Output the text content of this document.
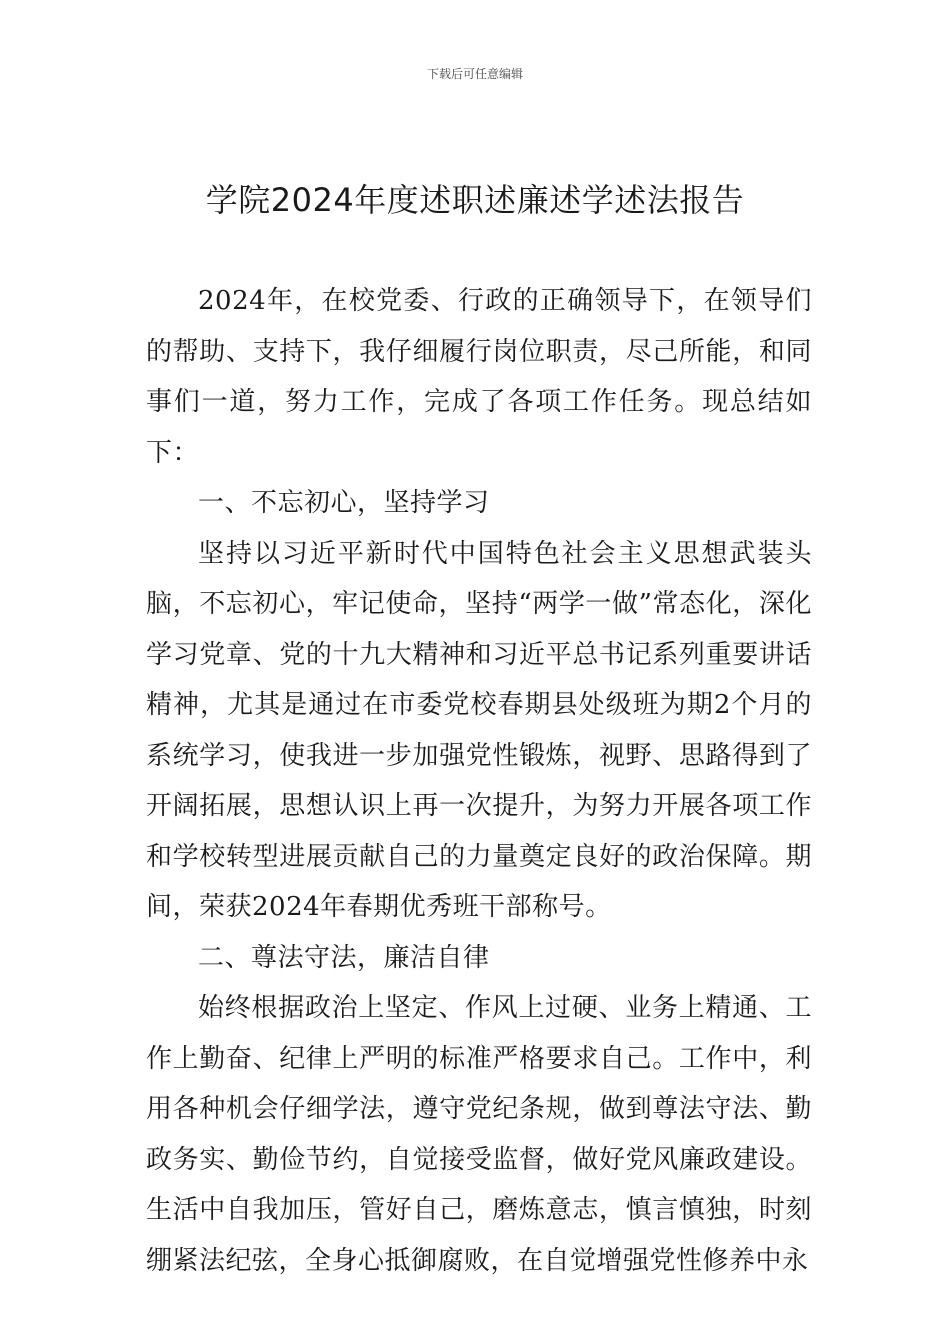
下载后可任意编辑
学院2024年度述职述廉述学述法报告

2024年，在校党委、行政的正确领导下，在领导们的帮助、支持下，我仔细履行岗位职责，尽己所能，和同事们一道，努力工作，完成了各项工作任务。现总结如下：

一、不忘初心，坚持学习

坚持以习近平新时代中国特色社会主义思想武装头脑，不忘初心，牢记使命，坚持“两学一做”常态化，深化学习党章、党的十九大精神和习近平总书记系列重要讲话精神，尤其是通过在市委党校春期县处级班为期2个月的系统学习，使我进一步加强党性锻炼，视野、思路得到了开阔拓展，思想认识上再一次提升，为努力开展各项工作和学校转型进展贡献自己的力量奠定良好的政治保障。期间，荣获2024年春期优秀班干部称号。

二、尊法守法，廉洁自律

始终根据政治上坚定、作风上过硬、业务上精通、工作上勤奋、纪律上严明的标准严格要求自己。工作中，利用各种机会仔细学法，遵守党纪条规，做到尊法守法、勤政务实、勤俭节约，自觉接受监督，做好党风廉政建设。生活中自我加压，管好自己，磨炼意志，慎言慎独，时刻绷紧法纪弦，全身心抵御腐败，在自觉增强党性修养中永
